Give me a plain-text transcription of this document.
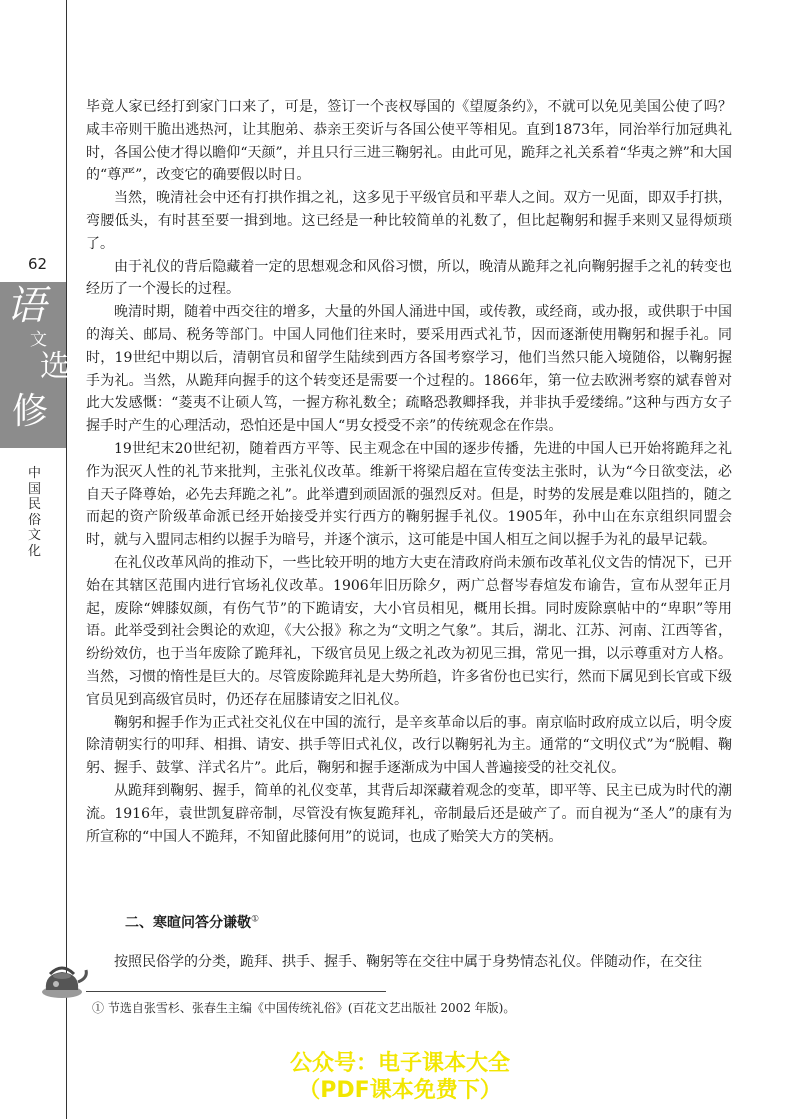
62
语
文
选
修
中国民俗文化

毕竟人家已经打到家门口来了，可是，签订一个丧权辱国的《望厦条约》，不就可以免见美国公使了吗？咸丰帝则干脆出逃热河，让其胞弟、恭亲王奕䜣与各国公使平等相见。直到1873年，同治举行加冠典礼时，各国公使才得以瞻仰“天颜”，并且只行三进三鞠躬礼。由此可见，跪拜之礼关系着“华夷之辨”和大国的“尊严”，改变它的确要假以时日。

当然，晚清社会中还有打拱作揖之礼，这多见于平级官员和平辈人之间。双方一见面，即双手打拱，弯腰低头，有时甚至要一揖到地。这已经是一种比较简单的礼数了，但比起鞠躬和握手来则又显得烦琐了。

由于礼仪的背后隐藏着一定的思想观念和风俗习惯，所以，晚清从跪拜之礼向鞠躬握手之礼的转变也经历了一个漫长的过程。

晚清时期，随着中西交往的增多，大量的外国人涌进中国，或传教，或经商，或办报，或供职于中国的海关、邮局、税务等部门。中国人同他们往来时，要采用西式礼节，因而逐渐使用鞠躬和握手礼。同时，19世纪中期以后，清朝官员和留学生陆续到西方各国考察学习，他们当然只能入境随俗，以鞠躬握手为礼。当然，从跪拜向握手的这个转变还是需要一个过程的。1866年，第一位去欧洲考察的斌春曾对此大发感慨：“菱夷不让硕人笃，一握方称礼数全；疏略恐教卿择我，并非执手爱缕绵。”这种与西方女子握手时产生的心理活动，恐怕还是中国人“男女授受不亲”的传统观念在作祟。

19世纪末20世纪初，随着西方平等、民主观念在中国的逐步传播，先进的中国人已开始将跪拜之礼作为泯灭人性的礼节来批判，主张礼仪改革。维新干将梁启超在宣传变法主张时，认为“今日欲变法，必自天子降尊始，必先去拜跪之礼”。此举遭到顽固派的强烈反对。但是，时势的发展是难以阻挡的，随之而起的资产阶级革命派已经开始接受并实行西方的鞠躬握手礼仪。1905年，孙中山在东京组织同盟会时，就与入盟同志相约以握手为暗号，并逐个演示，这可能是中国人相互之间以握手为礼的最早记载。

在礼仪改革风尚的推动下，一些比较开明的地方大吏在清政府尚未颁布改革礼仪文告的情况下，已开始在其辖区范围内进行官场礼仪改革。1906年旧历除夕，两广总督岑春煊发布谕告，宣布从翌年正月起，废除“婢膝奴颜，有伤气节”的下跪请安，大小官员相见，概用长揖。同时废除禀帖中的“卑职”等用语。此举受到社会舆论的欢迎，《大公报》称之为“文明之气象”。其后，湖北、江苏、河南、江西等省，纷纷效仿，也于当年废除了跪拜礼，下级官员见上级之礼改为初见三揖，常见一揖，以示尊重对方人格。当然，习惯的惰性是巨大的。尽管废除跪拜礼是大势所趋，许多省份也已实行，然而下属见到长官或下级官员见到高级官员时，仍还存在屈膝请安之旧礼仪。

鞠躬和握手作为正式社交礼仪在中国的流行，是辛亥革命以后的事。南京临时政府成立以后，明令废除清朝实行的叩拜、相揖、请安、拱手等旧式礼仪，改行以鞠躬礼为主。通常的“文明仪式”为“脱帽、鞠躬、握手、鼓掌、洋式名片”。此后，鞠躬和握手逐渐成为中国人普遍接受的社交礼仪。

从跪拜到鞠躬、握手，简单的礼仪变革，其背后却深藏着观念的变革，即平等、民主已成为时代的潮流。1916年，袁世凯复辟帝制，尽管没有恢复跪拜礼，帝制最后还是破产了。而自视为“圣人”的康有为所宣称的“中国人不跪拜，不知留此膝何用”的说词，也成了贻笑大方的笑柄。

二、寒暄问答分谦敬①

按照民俗学的分类，跪拜、拱手、握手、鞠躬等在交往中属于身势情态礼仪。伴随动作，在交往

① 节选自张雪杉、张春生主编《中国传统礼俗》(百花文艺出版社 2002 年版)。
公众号：电子课本大全
（PDF课本免费下）
